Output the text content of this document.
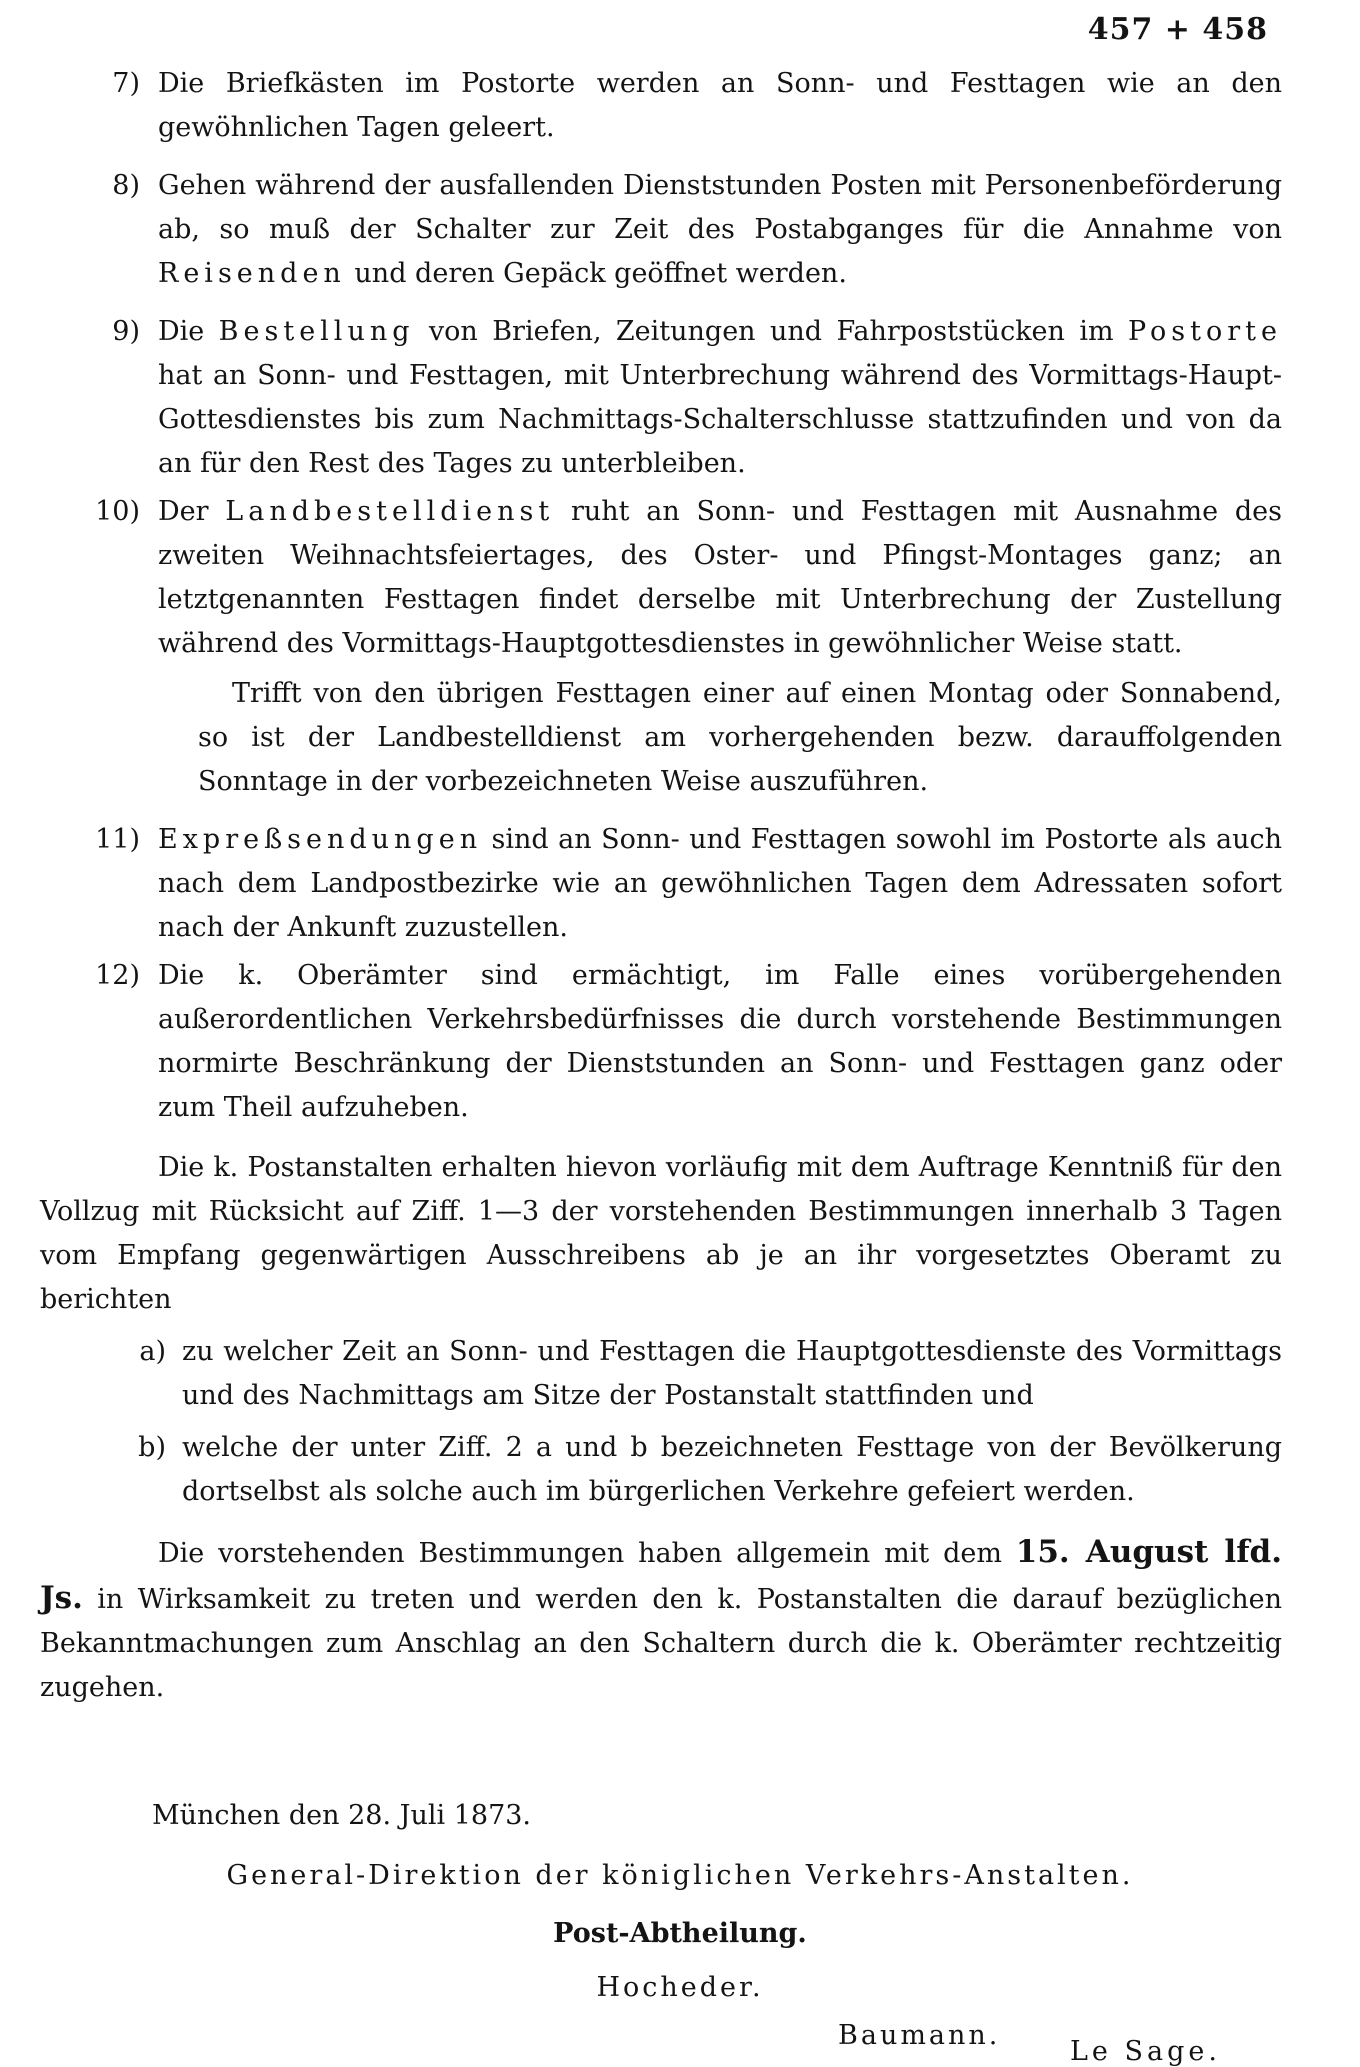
457 + 458
7) Die Briefkästen im Postorte werden an Sonn- und Festtagen wie an den gewöhnlichen Tagen geleert.
8) Gehen während der ausfallenden Dienststunden Posten mit Personenbeförderung ab, so muß der Schalter zur Zeit des Postabganges für die Annahme von Reisenden und deren Gepäck geöffnet werden.
9) Die Bestellung von Briefen, Zeitungen und Fahrpoststücken im Postorte hat an Sonn- und Festtagen, mit Unterbrechung während des Vormittags-Haupt-Gottesdienstes bis zum Nachmittags-Schalterschlusse stattzufinden und von da an für den Rest des Tages zu unterbleiben.
10) Der Landbestelldienst ruht an Sonn- und Festtagen mit Ausnahme des zweiten Weihnachtsfeiertages, des Oster- und Pfingst-Montages ganz; an letztgenannten Festtagen findet derselbe mit Unterbrechung der Zustellung während des Vormittags-Hauptgottesdienstes in gewöhnlicher Weise statt.
Trifft von den übrigen Festtagen einer auf einen Montag oder Sonnabend, so ist der Landbestelldienst am vorhergehenden bezw. darauffolgenden Sonntage in der vorbezeichneten Weise auszuführen.
11) Expreßsendungen sind an Sonn- und Festtagen sowohl im Postorte als auch nach dem Landpostbezirke wie an gewöhnlichen Tagen dem Adressaten sofort nach der Ankunft zuzustellen.
12) Die k. Oberämter sind ermächtigt, im Falle eines vorübergehenden außerordentlichen Verkehrsbedürfnisses die durch vorstehende Bestimmungen normirte Beschränkung der Dienststunden an Sonn- und Festtagen ganz oder zum Theil aufzuheben.
Die k. Postanstalten erhalten hievon vorläufig mit dem Auftrage Kenntniß für den Vollzug mit Rücksicht auf Ziff. 1—3 der vorstehenden Bestimmungen innerhalb 3 Tagen vom Empfang gegenwärtigen Ausschreibens ab je an ihr vorgesetztes Oberamt zu berichten
a) zu welcher Zeit an Sonn- und Festtagen die Hauptgottesdienste des Vormittags und des Nachmittags am Sitze der Postanstalt stattfinden und
b) welche der unter Ziff. 2 a und b bezeichneten Festtage von der Bevölkerung dortselbst als solche auch im bürgerlichen Verkehre gefeiert werden.
Die vorstehenden Bestimmungen haben allgemein mit dem 15. August lfd. Js. in Wirksamkeit zu treten und werden den k. Postanstalten die darauf bezüglichen Bekanntmachungen zum Anschlag an den Schaltern durch die k. Oberämter rechtzeitig zugehen.
München den 28. Juli 1873.
General-Direktion der königlichen Verkehrs-Anstalten.
Post-Abtheilung.
Hocheder.
Baumann.
Le Sage.
